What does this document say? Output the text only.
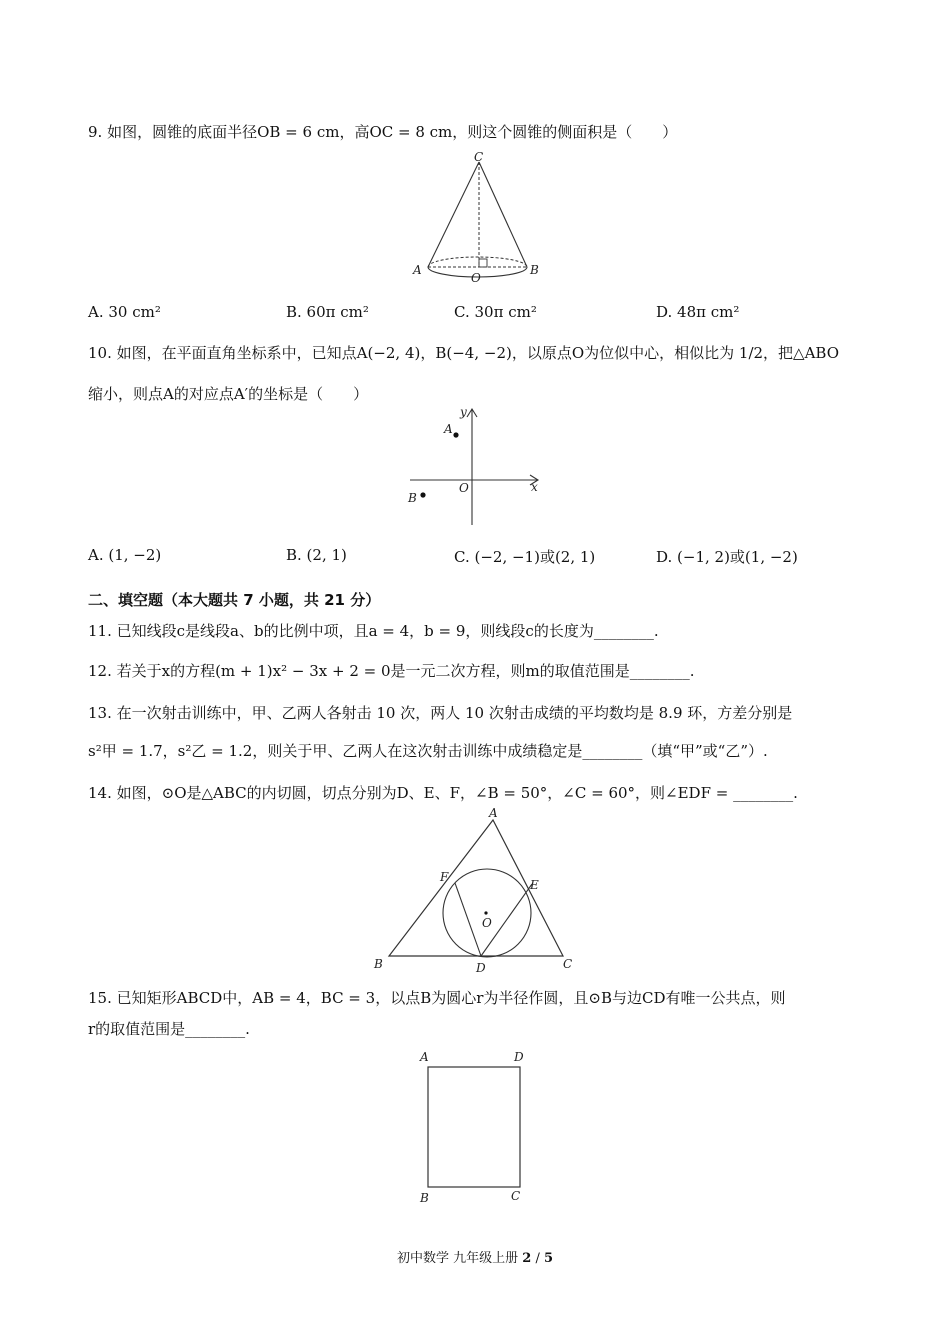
9. 如图，圆锥的底面半径OB = 6 cm，高OC = 8 cm，则这个圆锥的侧面积是（　　）
C
A
O
B
A. 30 cm²	B. 60π cm²	C. 30π cm²	D. 48π cm²
10. 如图，在平面直角坐标系中，已知点A(−2, 4)，B(−4, −2)，以原点O为位似中心，相似比为 1/2，把△ABO
缩小，则点A的对应点A′的坐标是（　　）
y
x
O
A
B
A. (1, −2)	B. (2, 1)	C. (−2, −1)或(2, 1)	D. (−1, 2)或(1, −2)
二、填空题（本大题共 7 小题，共 21 分）
11. 已知线段c是线段a、b的比例中项，且a = 4，b = 9，则线段c的长度为________.
12. 若关于x的方程(m + 1)x² − 3x + 2 = 0是一元二次方程，则m的取值范围是________.
13. 在一次射击训练中，甲、乙两人各射击 10 次，两人 10 次射击成绩的平均数均是 8.9 环，方差分别是
s²甲 = 1.7，s²乙 = 1.2，则关于甲、乙两人在这次射击训练中成绩稳定是________（填“甲”或“乙”）.
14. 如图，⊙O是△ABC的内切圆，切点分别为D、E、F，∠B = 50°，∠C = 60°，则∠EDF = ________.
A
B	C
D
E
F
O
15. 已知矩形ABCD中，AB = 4，BC = 3，以点B为圆心r为半径作圆，且⊙B与边CD有唯一公共点，则
r的取值范围是________.
A	D
B	C
初中数学 九年级上册 2 / 5
